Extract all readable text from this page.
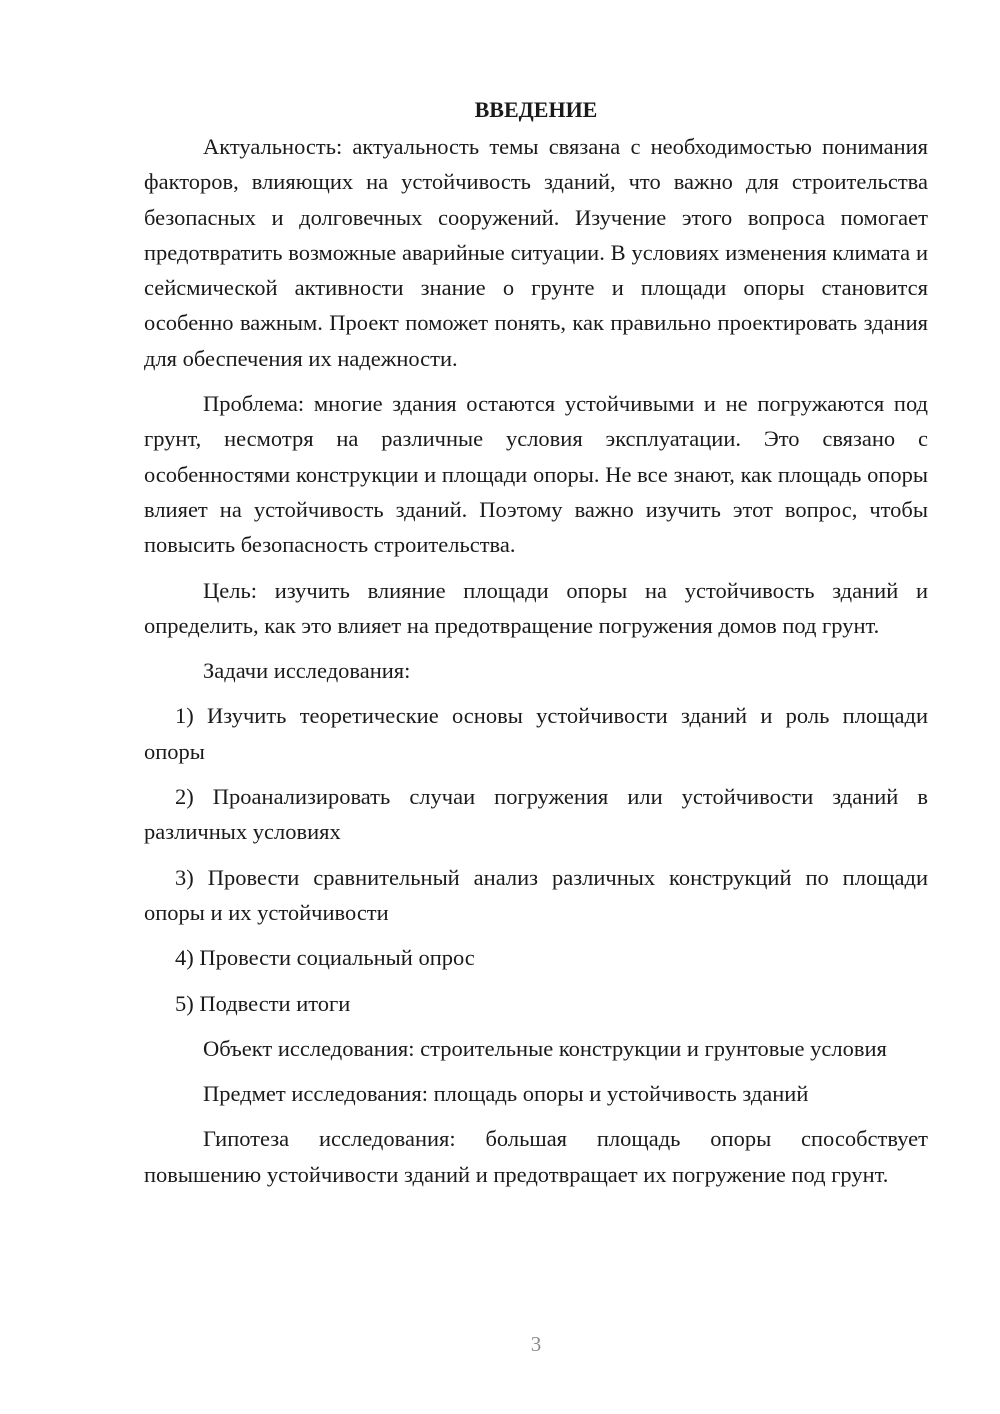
ВВЕДЕНИЕ

Актуальность: актуальность темы связана с необходимостью понимания факторов, влияющих на устойчивость зданий, что важно для строительства безопасных и долговечных сооружений. Изучение этого вопроса помогает предотвратить возможные аварийные ситуации. В условиях изменения климата и сейсмической активности знание о грунте и площади опоры становится особенно важным. Проект поможет понять, как правильно проектировать здания для обеспечения их надежности.

Проблема: многие здания остаются устойчивыми и не погружаются под грунт, несмотря на различные условия эксплуатации. Это связано с особенностями конструкции и площади опоры. Не все знают, как площадь опоры влияет на устойчивость зданий. Поэтому важно изучить этот вопрос, чтобы повысить безопасность строительства.

Цель: изучить влияние площади опоры на устойчивость зданий и определить, как это влияет на предотвращение погружения домов под грунт.

Задачи исследования:

1) Изучить теоретические основы устойчивости зданий и роль площади опоры

2) Проанализировать случаи погружения или устойчивости зданий в различных условиях

3) Провести сравнительный анализ различных конструкций по площади опоры и их устойчивости

4) Провести социальный опрос

5) Подвести итоги

Объект исследования: строительные конструкции и грунтовые условия

Предмет исследования: площадь опоры и устойчивость зданий

Гипотеза исследования: большая площадь опоры способствует повышению устойчивости зданий и предотвращает их погружение под грунт.

3
